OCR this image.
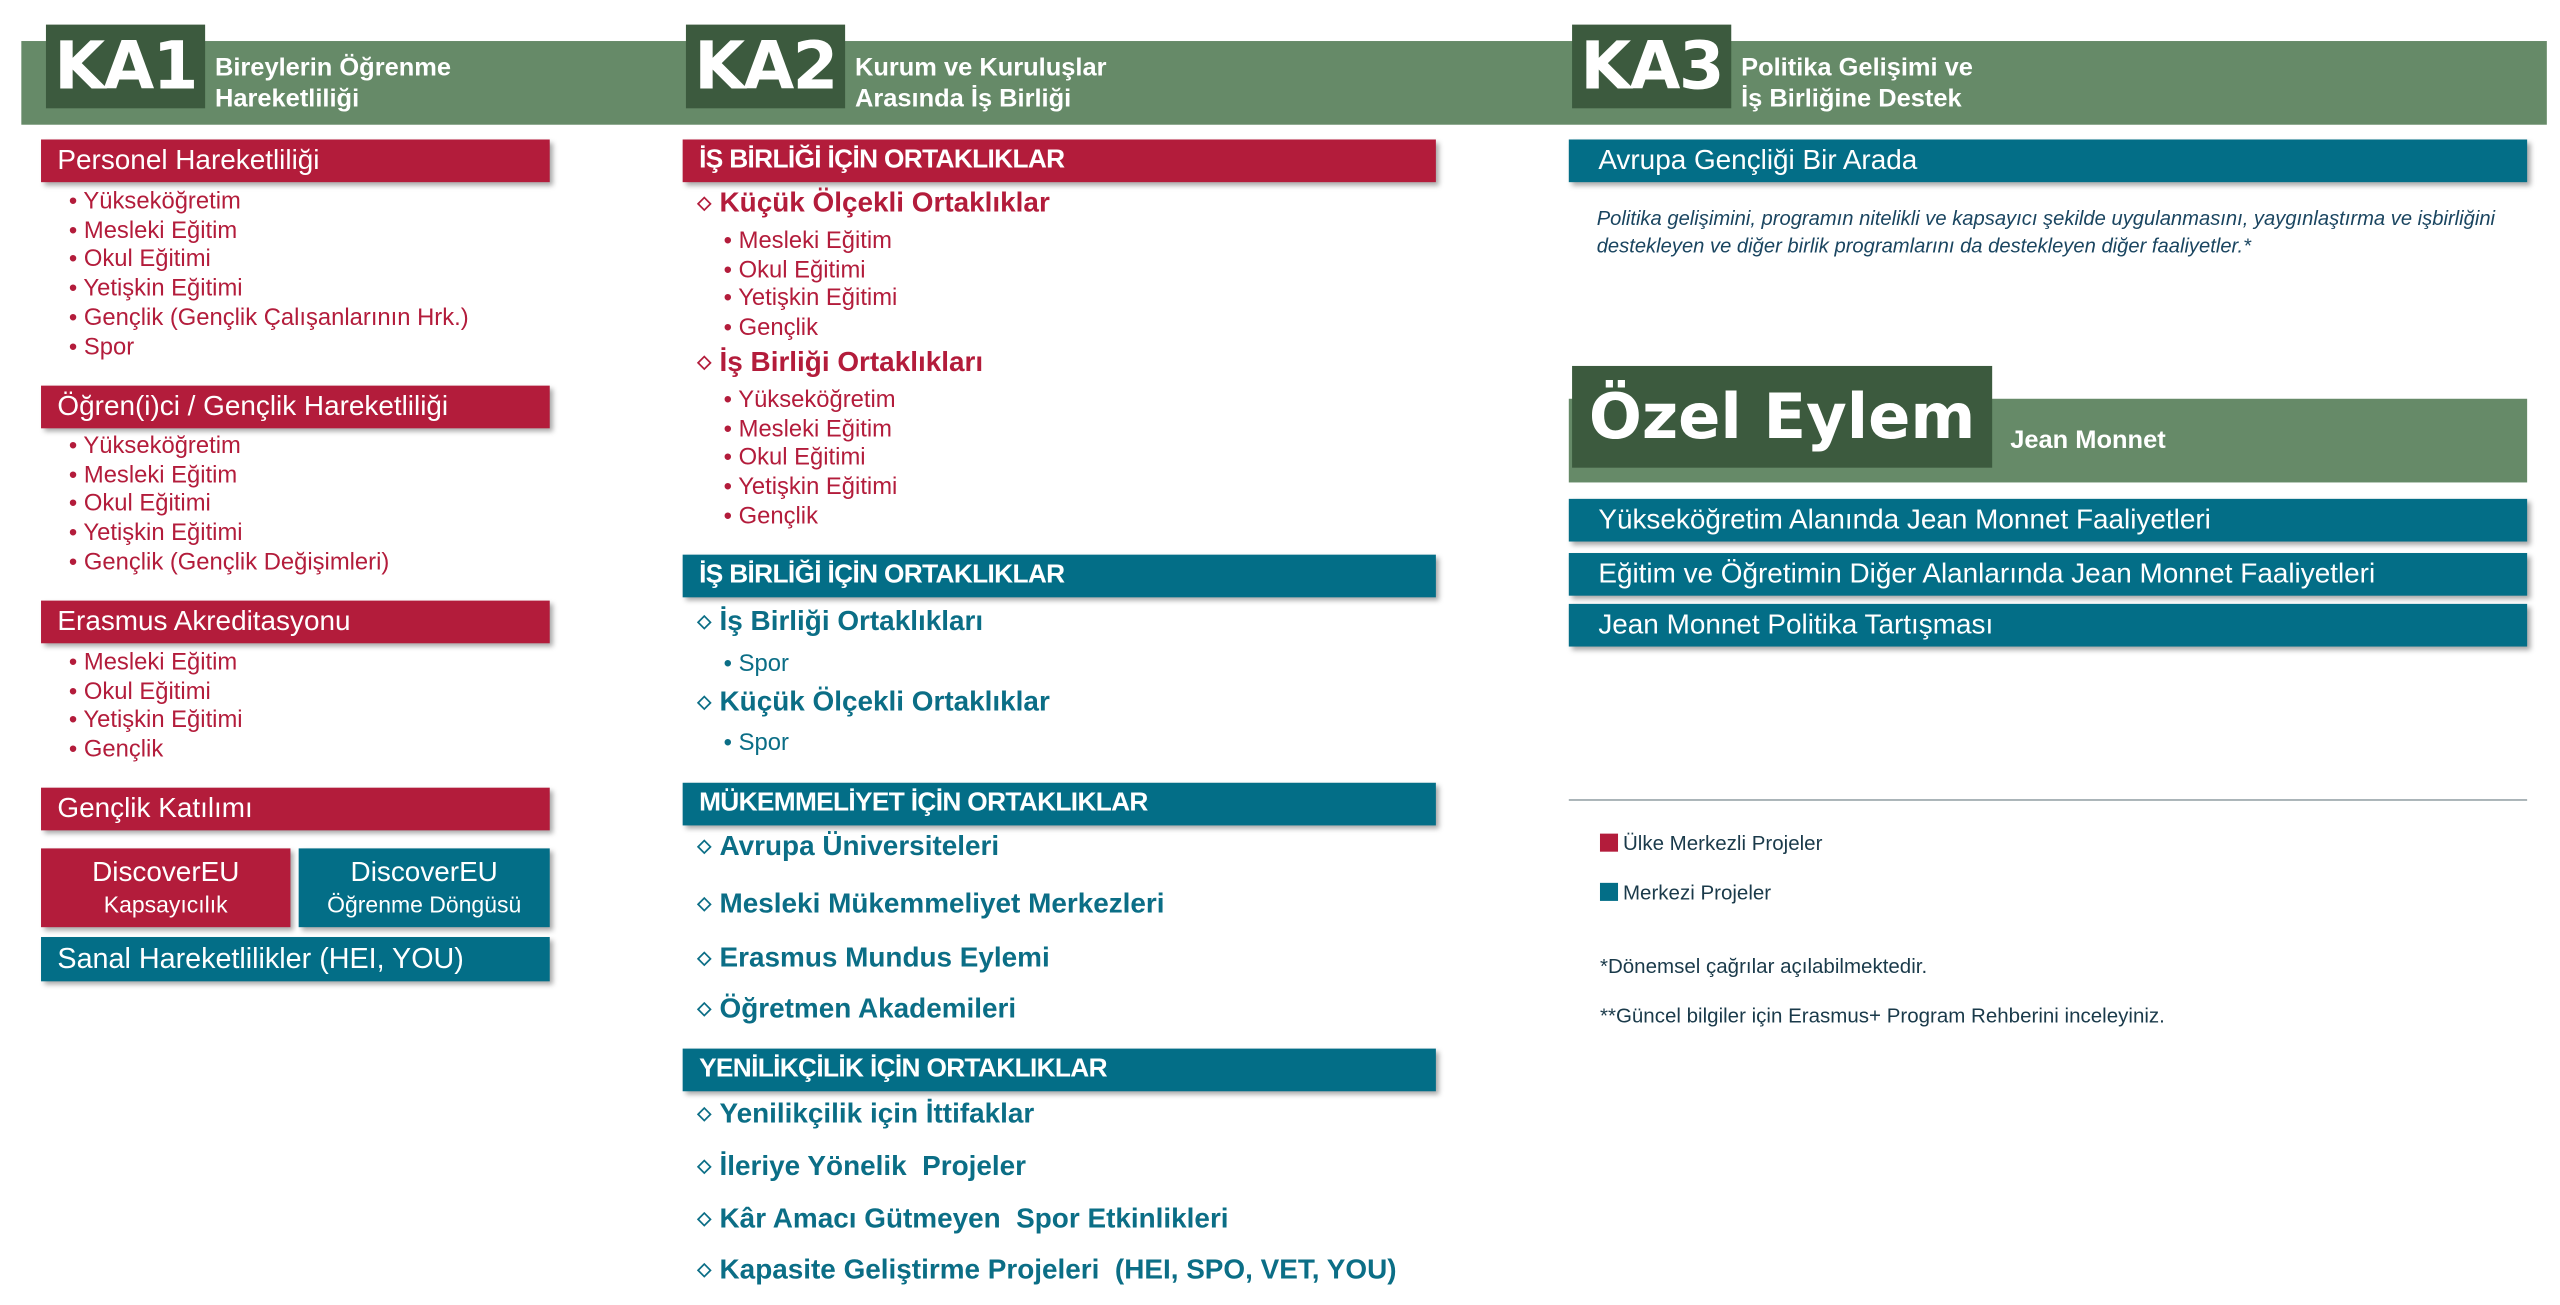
KA1	Bireylerin Öğrenme
Hareketliliği	KA2	Kurum ve Kuruluşlar
Arasında İş Birliği	KA3	Politika Gelişimi ve
İş Birliğine Destek
Personel Hareketliliği
• Yükseköğretim
• Mesleki Eğitim
• Okul Eğitimi
• Yetişkin Eğitimi
• Gençlik (Gençlik Çalışanlarının Hrk.)
• Spor
Öğren(i)ci / Gençlik Hareketliliği
• Yükseköğretim
• Mesleki Eğitim
• Okul Eğitimi
• Yetişkin Eğitimi
• Gençlik (Gençlik Değişimleri)
Erasmus Akreditasyonu
• Mesleki Eğitim
• Okul Eğitimi
• Yetişkin Eğitimi
• Gençlik
Gençlik Katılımı
DiscoverEU
Kapsayıcılık
DiscoverEU
Öğrenme Döngüsü
Sanal Hareketlilikler (HEI, YOU)
İŞ BİRLİĞİ İÇİN ORTAKLIKLAR
◇ Küçük Ölçekli Ortaklıklar
• Mesleki Eğitim
• Okul Eğitimi
• Yetişkin Eğitimi
• Gençlik
◇ İş Birliği Ortaklıkları
• Yükseköğretim
• Mesleki Eğitim
• Okul Eğitimi
• Yetişkin Eğitimi
• Gençlik
İŞ BİRLİĞİ İÇİN ORTAKLIKLAR
◇ İş Birliği Ortaklıkları
• Spor
◇ Küçük Ölçekli Ortaklıklar
• Spor
MÜKEMMELİYET İÇİN ORTAKLIKLAR
◇ Avrupa Üniversiteleri
◇ Mesleki Mükemmeliyet Merkezleri
◇ Erasmus Mundus Eylemi
◇ Öğretmen Akademileri
YENİLİKÇİLİK İÇİN ORTAKLIKLAR
◇ Yenilikçilik için İttifaklar
◇ İleriye Yönelik  Projeler
◇ Kâr Amacı Gütmeyen  Spor Etkinlikleri
◇ Kapasite Geliştirme Projeleri  (HEI, SPO, VET, YOU)
Avrupa Gençliği Bir Arada
Politika gelişimini, programın nitelikli ve kapsayıcı şekilde uygulanmasını, yaygınlaştırma ve işbirliğini destekleyen ve diğer birlik programlarını da destekleyen diğer faaliyetler.*
Özel Eylem	Jean Monnet
Yükseköğretim Alanında Jean Monnet Faaliyetleri
Eğitim ve Öğretimin Diğer Alanlarında Jean Monnet Faaliyetleri
Jean Monnet Politika Tartışması
Ülke Merkezli Projeler
Merkezi Projeler
*Dönemsel çağrılar açılabilmektedir.
**Güncel bilgiler için Erasmus+ Program Rehberini inceleyiniz.
